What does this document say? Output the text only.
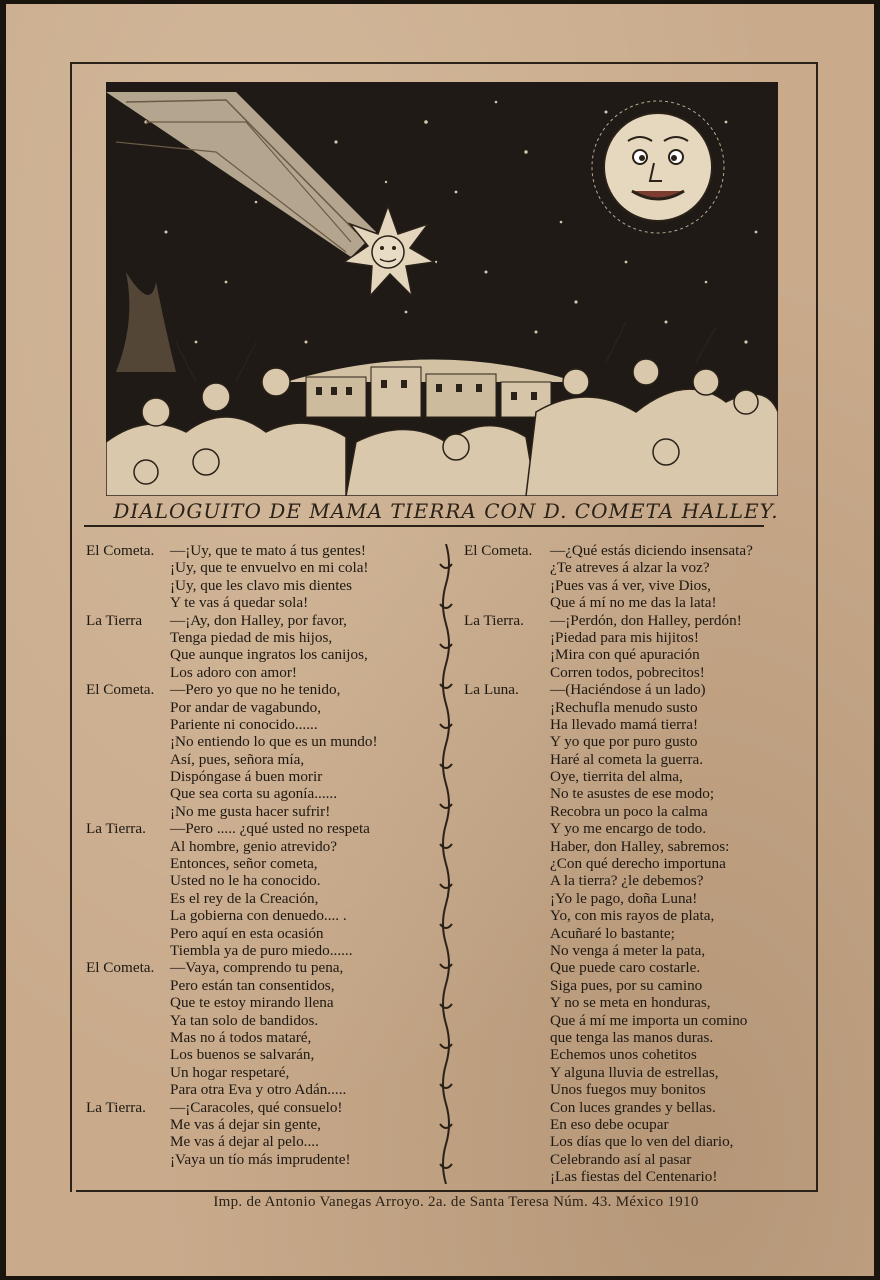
DIALOGUITO DE MAMA TIERRA CON D. COMETA HALLEY.
El Cometa. —¡Uy, que te mato á tus gentes!
¡Uy, que te envuelvo en mi cola!
¡Uy, que les clavo mis dientes
Y te vas á quedar sola!
La Tierra —¡Ay, don Halley, por favor,
Tenga piedad de mis hijos,
Que aunque ingratos los canijos,
Los adoro con amor!
El Cometa. —Pero yo que no he tenido,
Por andar de vagabundo,
Pariente ni conocido......
¡No entiendo lo que es un mundo!
Así, pues, señora mía,
Dispóngase á buen morir
Que sea corta su agonía......
¡No me gusta hacer sufrir!
La Tierra. —Pero ..... ¿qué usted no respeta
Al hombre, genio atrevido?
Entonces, señor cometa,
Usted no le ha conocido.
Es el rey de la Creación,
La gobierna con denuedo.... .
Pero aquí en esta ocasión
Tiembla ya de puro miedo......
El Cometa. —Vaya, comprendo tu pena,
Pero están tan consentidos,
Que te estoy mirando llena
Ya tan solo de bandidos.
Mas no á todos mataré,
Los buenos se salvarán,
Un hogar respetaré,
Para otra Eva y otro Adán.....
La Tierra. —¡Caracoles, qué consuelo!
Me vas á dejar sin gente,
Me vas á dejar al pelo....
¡Vaya un tío más imprudente!
El Cometa. —¿Qué estás diciendo insensata?
¿Te atreves á alzar la voz?
¡Pues vas á ver, vive Dios,
Que á mí no me das la lata!
La Tierra. —¡Perdón, don Halley, perdón!
¡Piedad para mis hijitos!
¡Mira con qué apuración
Corren todos, pobrecitos!
La Luna. —(Haciéndose á un lado)
¡Rechufla menudo susto
Ha llevado mamá tierra!
Y yo que por puro gusto
Haré al cometa la guerra.
Oye, tierrita del alma,
No te asustes de ese modo;
Recobra un poco la calma
Y yo me encargo de todo.
Haber, don Halley, sabremos:
¿Con qué derecho importuna
A la tierra? ¿le debemos?
¡Yo le pago, doña Luna!
Yo, con mis rayos de plata,
Acuñaré lo bastante;
No venga á meter la pata,
Que puede caro costarle.
Siga pues, por su camino
Y no se meta en honduras,
Que á mí me importa un comino
que tenga las manos duras.
Echemos unos cohetitos
Y alguna lluvia de estrellas,
Unos fuegos muy bonitos
Con luces grandes y bellas.
En eso debe ocupar
Los días que lo ven del diario,
Celebrando así al pasar
¡Las fiestas del Centenario!
Imp. de Antonio Vanegas Arroyo. 2a. de Santa Teresa Núm. 43. México 1910
